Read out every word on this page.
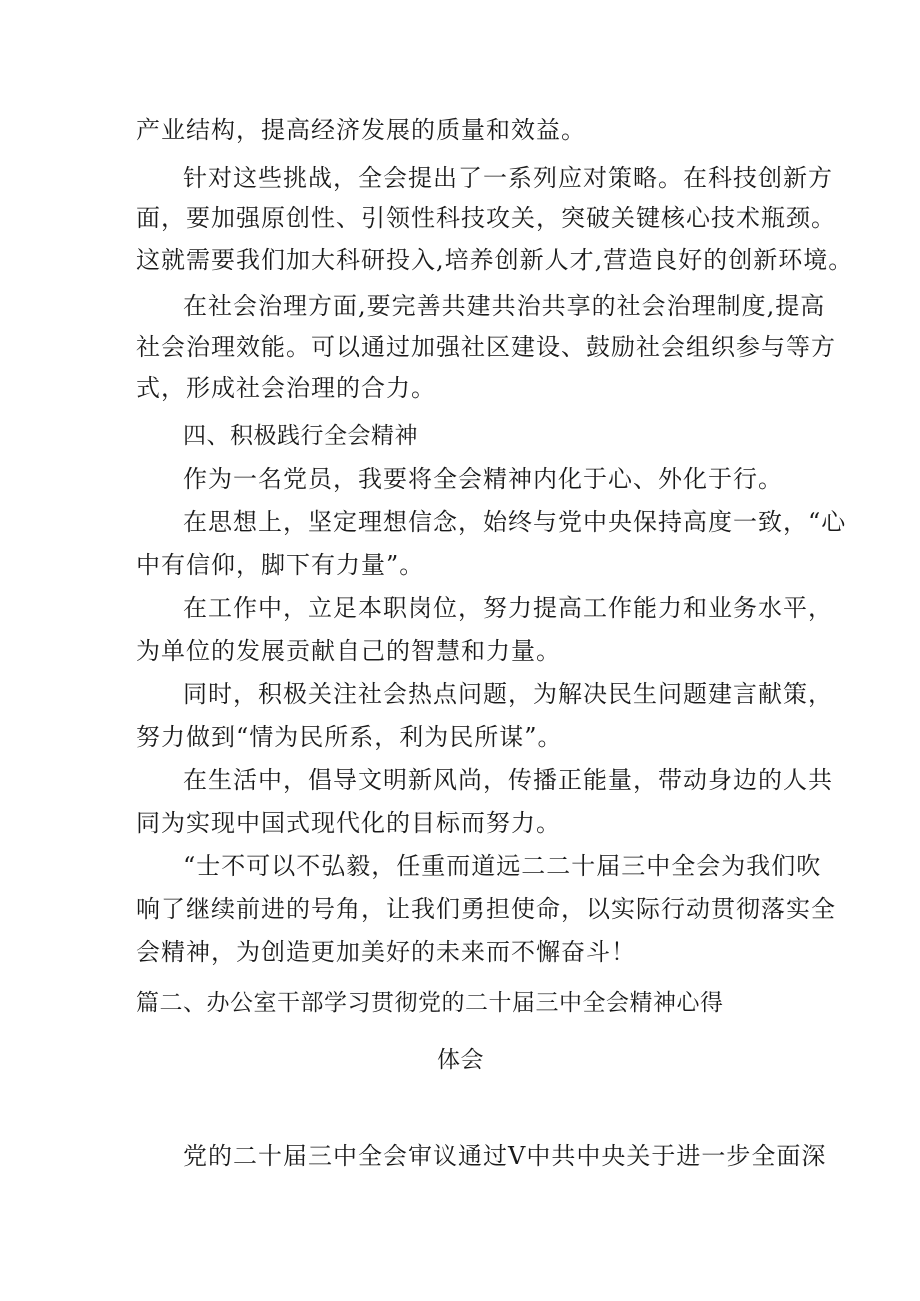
产业结构，提高经济发展的质量和效益。
针对这些挑战，全会提出了一系列应对策略。在科技创新方
面，要加强原创性、引领性科技攻关，突破关键核心技术瓶颈。
这就需要我们加大科研投入,培养创新人才,营造良好的创新环境。
在社会治理方面,要完善共建共治共享的社会治理制度,提高
社会治理效能。可以通过加强社区建设、鼓励社会组织参与等方
式，形成社会治理的合力。
四、积极践行全会精神
作为一名党员，我要将全会精神内化于心、外化于行。
在思想上，坚定理想信念，始终与党中央保持高度一致，“心
中有信仰，脚下有力量”。
在工作中，立足本职岗位，努力提高工作能力和业务水平，
为单位的发展贡献自己的智慧和力量。
同时，积极关注社会热点问题，为解决民生问题建言献策，
努力做到“情为民所系，利为民所谋”。
在生活中，倡导文明新风尚，传播正能量，带动身边的人共
同为实现中国式现代化的目标而努力。
“士不可以不弘毅，任重而道远二二十届三中全会为我们吹
响了继续前进的号角，让我们勇担使命，以实际行动贯彻落实全
会精神，为创造更加美好的未来而不懈奋斗！
篇二、办公室干部学习贯彻党的二十届三中全会精神心得
体会
党的二十届三中全会审议通过V中共中央关于进一步全面深
